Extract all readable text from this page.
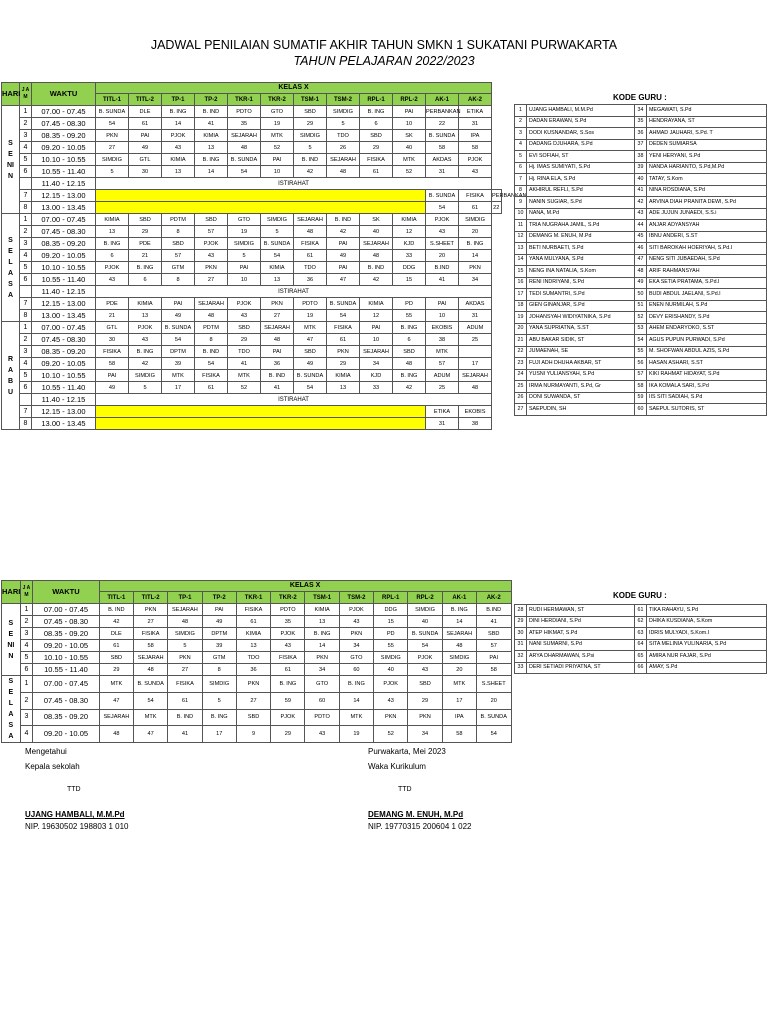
JADWAL PENILAIAN SUMATIF AKHIR TAHUN SMKN 1 SUKATANI PURWAKARTA
TAHUN PELAJARAN 2022/2023
HARI	J A M	WAKTU	KELAS X	
			TITL-1	TITL-2	TP-1	TP-2	TKR-1	TKR-2	TSM-1	TSM-2	RPL-1	RPL-2	AK-1	AK-2		
SENIN	1	07.00 - 07.45	B. SUNDA	DLE	B. ING	B. IND	PDTO	GTO	SBD	SIMDIG	B. ING	PAI	PERBANKAN	ETIKA		
	2	07.45 - 08.30	54	61	14	41	35	19	29	5	6	10	22	31		
	3	08.35 - 09.20	PKN	PAI	PJOK	KIMIA	SEJARAH	MTK	SIMDIG	TDO	SBD	SK	B. SUNDA	IPA		
	4	09.20 - 10.05	27	49	43	13	48	52	5	26	29	40	58	58		
	5	10.10 - 10.55	SIMDIG	GTL	KIMIA	B. ING	B. SUNDA	PAI	B. IND	SEJARAH	FISIKA	MTK	AKDAS	PJOK		
	6	10.55 - 11.40	5	30	13	14	54	10	42	48	61	52	31	43		
		11.40 - 12.15	ISTIRAHAT													
	7	12.15 - 13.00											B. SUNDA	FISIKA		PERBANKAN	
	8	13.00 - 13.45											54	61		22	
SELASA	1	07.00 - 07.45	KIMIA	SBD	PDTM	SBD	GTO	SIMDIG	SEJARAH	B. IND	SK	KIMIA	PJOK	SIMDIG		
	2	07.45 - 08.30	13	29	8	57	19	5	48	42	40	12	43	20		
	3	08.35 - 09.20	B. ING	PDE	SBD	PJOK	SIMDIG	B. SUNDA	FISIKA	PAI	SEJARAH	KJD	S.SHEET	B. ING		
	4	09.20 - 10.05	6	21	57	43	5	54	61	49	48	33	20	14		
	5	10.10 - 10.55	PJOK	B. ING	GTM	PKN	PAI	KIMIA	TDO	PAI	B. IND	DDG	B.IND	PKN		
	6	10.55 - 11.40	43	6	8	27	10	13	36	47	42	15	41	34		
		11.40 - 12.15	ISTIRAHAT													
	7	12.15 - 13.00	PDE	KIMIA	PAI	SEJARAH	PJOK	PKN	PDTO	B. SUNDA	KIMIA	PD	PAI	AKDAS		
	8	13.00 - 13.45	21	13	49	48	43	27	19	54	12	55	10	31		
RABU	1	07.00 - 07.45	GTL	PJOK	B. SUNDA	PDTM	SBD	SEJARAH	MTK	FISIKA	PAI	B. ING	EKOBIS	ADUM		
	2	07.45 - 08.30	30	43	54	8	29	48	47	61	10	6	38	25		
	3	08.35 - 09.20	FISIKA	B. ING	DPTM	B. IND	TDO	PAI	SBD	PKN	SEJARAH	SBD	MTK			
	4	09.20 - 10.05	58	42	39	54	41	36	49	29	34	48	57	17		
	5	10.10 - 10.55	PAI	SIMDIG	MTK	FISIKA	MTK	B. IND	B. SUNDA	KIMIA	KJD	B. ING	ADUM	SEJARAH		
	6	10.55 - 11.40	49	5	17	61	52	41	54	13	33	42	25	48		
		11.40 - 12.15	ISTIRAHAT													
	7	12.15 - 13.00											ETIKA	EKOBIS		
	8	13.00 - 13.45											31	38		
KODE GURU :
1	UJANG HAMBALI, M.M.Pd	34	MEGAWATI, S.Pd
2	DADAN ERAWAN, S.Pd	35	HENDRAYANA, ST
3	DODI KUSNANDAR, S.Sos	36	AHMAD JAUHARI, S.Pd. T
4	DADANG DJUHARA, S.Pd	37	DEDEN SUMIARSA
5	EVI SOFIAH, ST	38	YENI HERYANI, S.Pd
6	Hj. IMAS SUMIYATI, S.Pd	39	NANDA HARIANTO, S.Pd,M.Pd
7	Hj. RINA ELA, S.Pd	40	TATAY, S.Kom
8	AKHIRUL REFLI, S.Pd	41	NINA ROSDIANA, S.Pd
9	NANIN SUGIAR, S.Pd	42	ARVINA DIAH PRANITA DEWI, S.Pd
10	NANA, M.Pd	43	ADE JUJUN JUNAEDI, S.S.i
11	TRIA NUGRAHA JAMIL, S.Pd	44	ANJAR ADYANSYAH
12	DEMANG M. ENUH, M.Pd	45	IBNU ANDERI, S.ST
13	BETI NURBAETI, S.Pd	46	SITI BAROKAH HOERIYAH, S.Pd.I
14	YANA MULYANA, S.Pd	47	NENG SITI JUBAEDAH, S.Pd
15	NENG INA NATALIA, S.Kom	48	ARIF RAHMANSYAH
16	RENI INDRIYANI, S.Pd	49	EKA SETIA PRATAMA, S.Pd.I
17	TEDI SUMANTRI, S.Pd	50	BUDI ABDUL JAELANI, S.Pd.I
18	GIEN GINANJAR, S.Pd	51	ENEN NURMILAH, S.Pd
19	JOHANSYAH WIDIYATNIKA, S.Pd	52	DEVY ERISHANDY, S.Pd
20	YANA SUPRIATNA, S.ST	53	AHEM ENDARYOKO, S.ST
21	ABU BAKAR SIDIK, ST	54	AGUS PUPUN PURWADI, S.Pd
22	JUMAENAH, SE	55	M. SHOFWAN ABDUL AZIS, S.Pd
23	FUJI ADH DHUHA AKBAR, ST	56	HASAN ASHARI, S.ST
24	YUSNI YULIANSYAH, S.Pd	57	KIKI RAHMAT HIDAYAT, S.Pd
25	IRMA NURMAYANTI, S.Pd, Gr	58	IKA KOMALA SARI, S.Pd
26	DONI SUWANDA, ST	59	IIS SITI SADIAH, S.Pd
27	SAEPUDIN, SH	60	SAEPUL SUTORIS, ST
HARI	J A M	WAKTU	KELAS X	
			TITL-1	TITL-2	TP-1	TP-2	TKR-1	TKR-2	TSM-1	TSM-2	RPL-1	RPL-2	AK-1	AK-2	
SENIN	1	07.00 - 07.45	B. IND	PKN	SEJARAH	PAI	FISIKA	PDTO	KIMIA	PJOK	DDG	SIMDIG	B. ING	B.IND	
	2	07.45 - 08.30	42	27	48	49	61	35	13	43	15	40	14	41	
	3	08.35 - 09.20	DLE	FISIKA	SIMDIG	DPTM	KIMIA	PJOK	B. ING	PKN	PD	B. SUNDA	SEJARAH	SBD	
	4	09.20 - 10.05	61	58	5	39	13	43	14	34	55	54	48	57	
	5	10.10 - 10.55	SBD	SEJARAH	PKN	GTM	TDO	FISIKA	PKN	GTO	SIMDIG	PJOK	SIMDIG	PAI	
	6	10.55 - 11.40	29	48	27	8	36	61	34	60	40	43	20	58	
SELASA	1	07.00 - 07.45	MTK	B. SUNDA	FISIKA	SIMDIG	PKN	B. ING	GTO	B. ING	PJOK	SBD	MTK	S.SHEET	
	2	07.45 - 08.30	47	54	61	5	27	59	60	14	43	29	17	20	
	3	08.35 - 09.20	SEJARAH	MTK	B. IND	B. ING	SBD	PJOK	PDTO	MTK	PKN	PKN	IPA	B. SUNDA	
	4	09.20 - 10.05	48	47	41	17	9	29	43	19	52	34	58	54	
KODE GURU :
28	RUDI HERMAWAN, ST	61	TIKA RAHAYU, S.Pd
29	DINI HERDIANI, S.Pd	62	DHIKA KUSDIANA, S.Kom
30	ATEP HIKMAT, S.Pd	63	IDRIS MULYADI, S.Kom.I
31	NANI SUMARNI, S.Pd	64	SITA MELINIA YULINARIA, S.Pd
32	ARYA DHARMAWAN, S.Psi	65	AMIRA NUR FAJAR, S.Pd
33	DERI SETIADI PRIYATNA, ST	66	AMAY, S.Pd
Mengetahui
Kepala sekolah
TTD
UJANG HAMBALI, M.M.Pd
NIP. 19630502 198803 1 010
Purwakarta, Mei 2023
Waka Kurikulum
TTD
DEMANG M. ENUH, M.Pd
NIP. 19770315 200604 1 022
